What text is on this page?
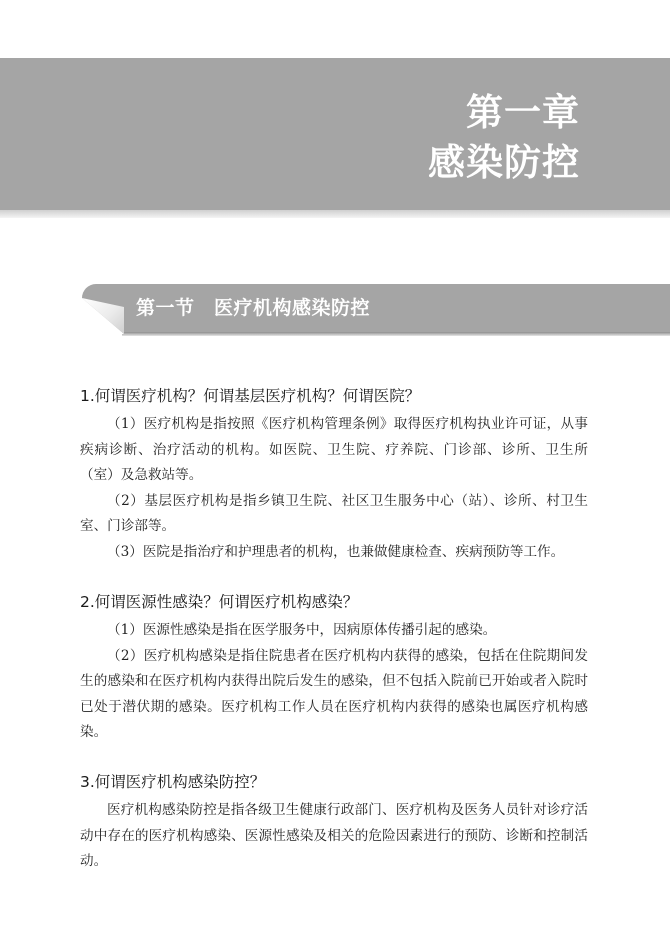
第一章
感染防控
第一节　医疗机构感染防控
1.何谓医疗机构？何谓基层医疗机构？何谓医院？

（1）医疗机构是指按照《医疗机构管理条例》取得医疗机构执业许可证，从事疾病诊断、治疗活动的机构。如医院、卫生院、疗养院、门诊部、诊所、卫生所（室）及急救站等。

（2）基层医疗机构是指乡镇卫生院、社区卫生服务中心（站）、诊所、村卫生室、门诊部等。

（3）医院是指治疗和护理患者的机构，也兼做健康检查、疾病预防等工作。

2.何谓医源性感染？何谓医疗机构感染？

（1）医源性感染是指在医学服务中，因病原体传播引起的感染。

（2）医疗机构感染是指住院患者在医疗机构内获得的感染，包括在住院期间发生的感染和在医疗机构内获得出院后发生的感染，但不包括入院前已开始或者入院时已处于潜伏期的感染。医疗机构工作人员在医疗机构内获得的感染也属医疗机构感染。

3.何谓医疗机构感染防控？

医疗机构感染防控是指各级卫生健康行政部门、医疗机构及医务人员针对诊疗活动中存在的医疗机构感染、医源性感染及相关的危险因素进行的预防、诊断和控制活动。
